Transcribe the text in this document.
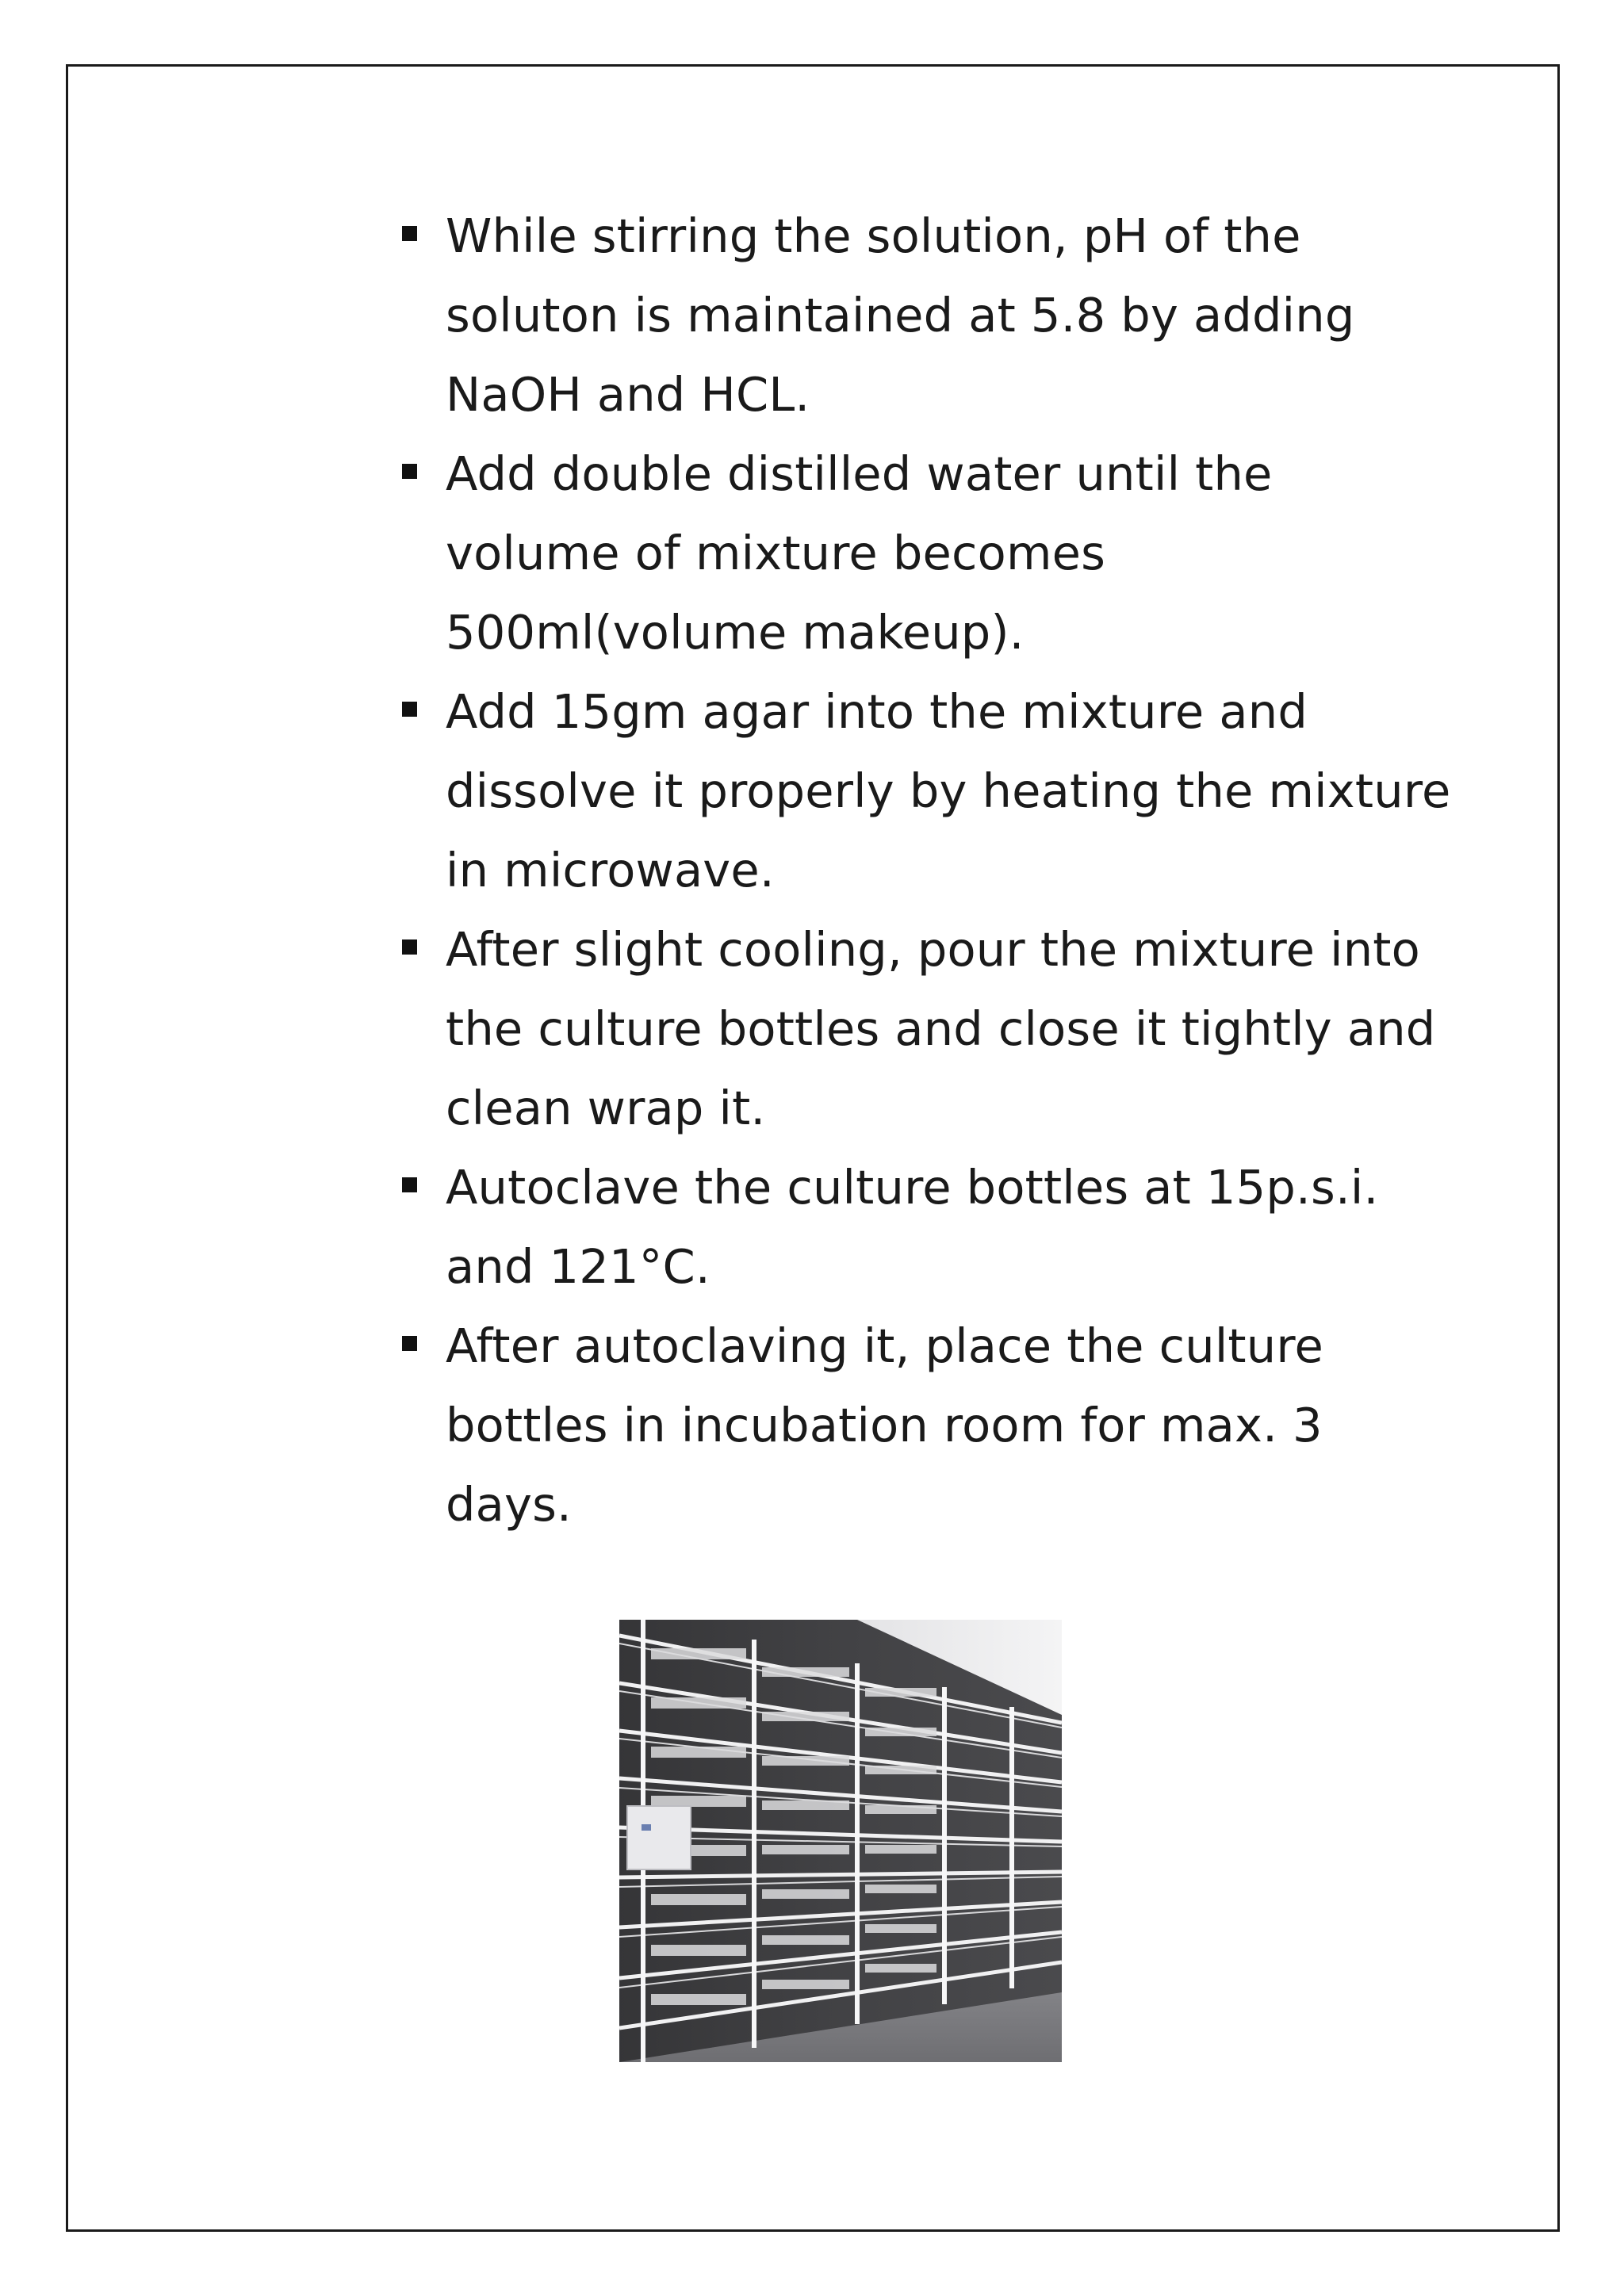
While stirring the solution, pH of the soluton is maintained at 5.8 by adding NaOH and HCL.
Add double distilled water until the volume of mixture becomes 500ml(volume makeup).
Add 15gm agar into the mixture and dissolve it properly by heating the mixture in microwave.
After slight cooling, pour the mixture into the culture bottles and close it tightly and clean wrap it.
Autoclave the culture bottles at 15p.s.i. and 121°C.
After autoclaving it, place the culture bottles in incubation room for max. 3 days.
